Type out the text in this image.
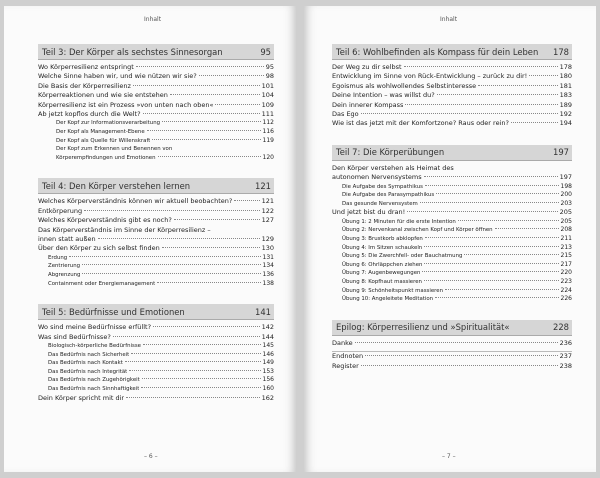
Inhalt
Teil 3: Der Körper als sechstes Sinnesorgan	95
Wo Körperresilienz entspringt	95
Welche Sinne haben wir, und wie nützen wir sie?	98
Die Basis der Körperresilienz	101
Körperreaktionen und wie sie entstehen	104
Körperresilienz ist ein Prozess »von unten nach oben«	109
Ab jetzt kopflos durch die Welt?	111
Der Kopf zur Informationsverarbeitung	112
Der Kopf als Management-Ebene	116
Der Kopf als Quelle für Willenskraft	119
Der Kopf zum Erkennen und Benennen von
Körperempfindungen und Emotionen	120
Teil 4: Den Körper verstehen lernen	121
Welches Körperverständnis können wir aktuell beobachten?	121
Entkörperung	122
Welches Körperverständnis gibt es noch?	127
Das Körperverständnis im Sinne der Körperresilienz –
innen statt außen	129
Über den Körper zu sich selbst finden	130
Erdung	131
Zentrierung	134
Abgrenzung	136
Containment oder Energiemanagement	138
Teil 5: Bedürfnisse und Emotionen	141
Wo sind meine Bedürfnisse erfüllt?	142
Was sind Bedürfnisse?	144
Biologisch-körperliche Bedürfnisse	145
Das Bedürfnis nach Sicherheit	146
Das Bedürfnis nach Kontakt	149
Das Bedürfnis nach Integrität	153
Das Bedürfnis nach Zugehörigkeit	156
Das Bedürfnis nach Sinnhaftigkeit	160
Dein Körper spricht mit dir	162
– 6 –
Inhalt
Teil 6: Wohlbefinden als Kompass für dein Leben 178
Der Weg zu dir selbst	178
Entwicklung im Sinne von Rück-Entwicklung – zurück zu dir!	180
Egoismus als wohlwollendes Selbstinteresse	181
Deine Intention – was willst du?	183
Dein innerer Kompass	189
Das Ego	192
Wie ist das jetzt mit der Komfortzone? Raus oder rein?	194
Teil 7: Die Körperübungen	197
Den Körper verstehen als Heimat des
autonomen Nervensystems	197
Die Aufgabe des Sympathikus	198
Die Aufgabe des Parasympathikus	200
Das gesunde Nervensystem	203
Und jetzt bist du dran!	205
Übung 1: 2 Minuten für die erste Intention	205
Übung 2: Nervenkanal zwischen Kopf und Körper öffnen	208
Übung 3: Brustkorb abklopfen	211
Übung 4: Im Sitzen schaukeln	213
Übung 5: Die Zwerchfell- oder Bauchatmung	215
Übung 6: Ohrläppchen ziehen	217
Übung 7: Augenbewegungen	220
Übung 8: Kopfhaut massieren	223
Übung 9: Schönheitspunkt massieren	224
Übung 10: Angeleitete Meditation	226
Epilog: Körperresilienz und »Spiritualität«	228
Danke	236
Endnoten	237
Register	238
– 7 –
